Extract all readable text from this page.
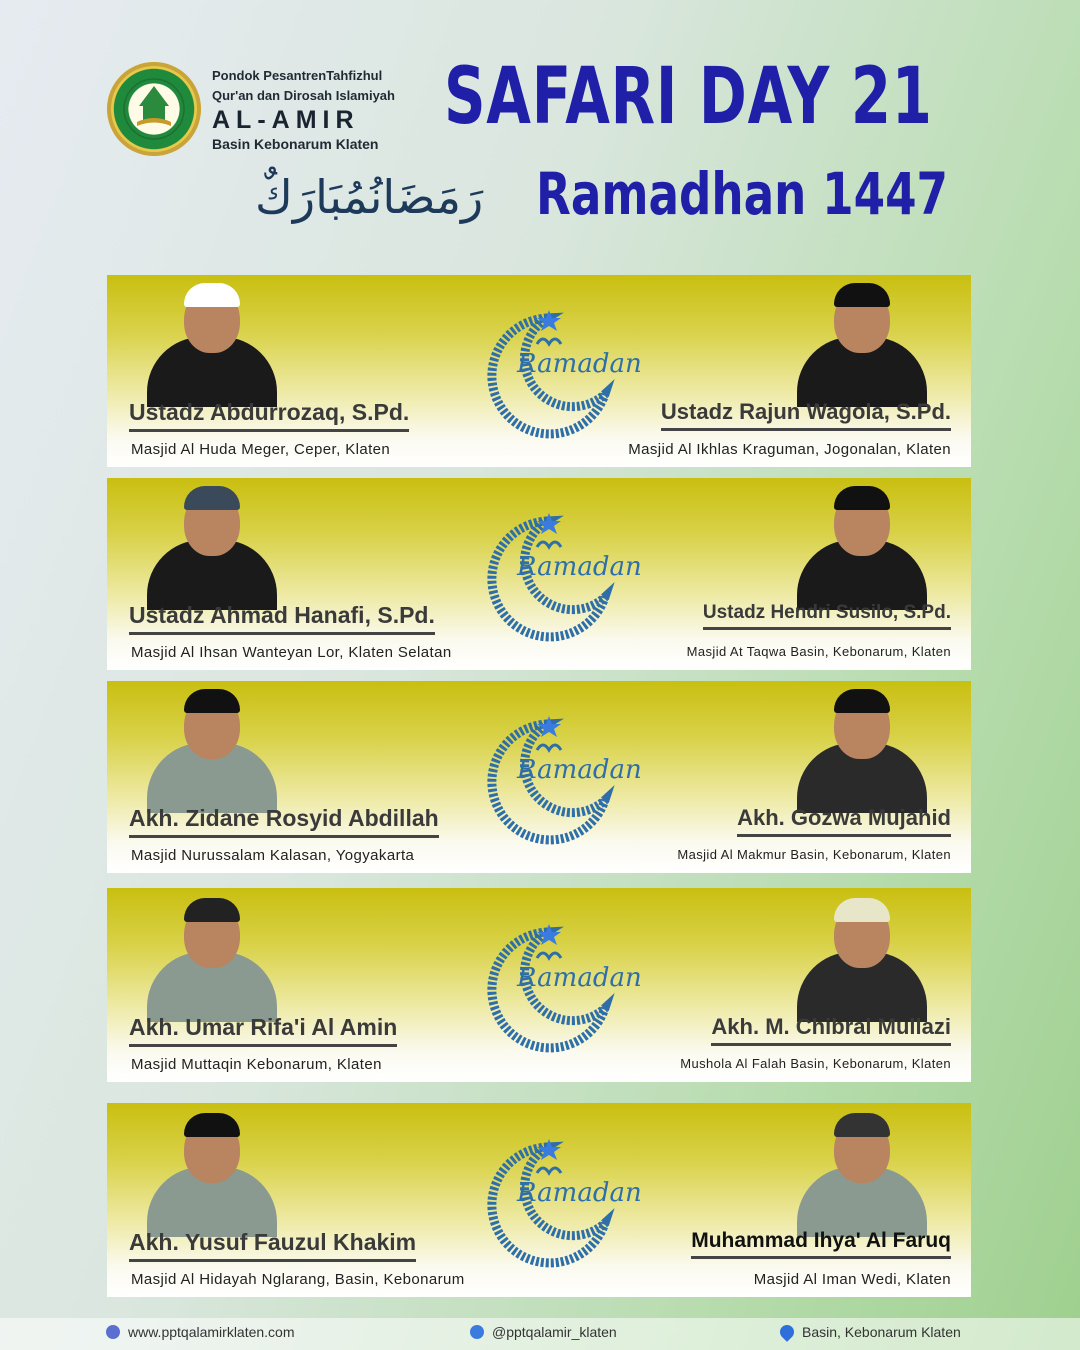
Pondok PesantrenTahfizhul
Qur'an dan Dirosah Islamiyah
AL-AMIR
Basin Kebonarum Klaten
SAFARI DAY 21
Ramadhan 1447
رَمَضَانُمُبَارَكٌ
Ramadan
Ustadz Abdurrozaq, S.Pd.
Masjid Al Huda Meger, Ceper, Klaten
Ustadz Rajun Wagola, S.Pd.
Masjid Al Ikhlas Kraguman, Jogonalan, Klaten
Ramadan
Ustadz Ahmad Hanafi, S.Pd.
Masjid Al Ihsan Wanteyan Lor, Klaten Selatan
Ustadz Hendri Susilo, S.Pd.
Masjid At Taqwa Basin, Kebonarum, Klaten
Ramadan
Akh. Zidane Rosyid Abdillah
Masjid Nurussalam Kalasan, Yogyakarta
Akh. Gozwa Mujahid
Masjid Al Makmur Basin, Kebonarum, Klaten
Ramadan
Akh. Umar Rifa'i Al Amin
Masjid Muttaqin Kebonarum, Klaten
Akh. M. Chibral Mullazi
Mushola Al Falah Basin, Kebonarum, Klaten
Ramadan
Akh. Yusuf Fauzul Khakim
Masjid Al Hidayah Nglarang, Basin, Kebonarum
Muhammad Ihya' Al Faruq
Masjid Al Iman Wedi, Klaten
www.pptqalamirklaten.com	@pptqalamir_klaten	Basin, Kebonarum Klaten
